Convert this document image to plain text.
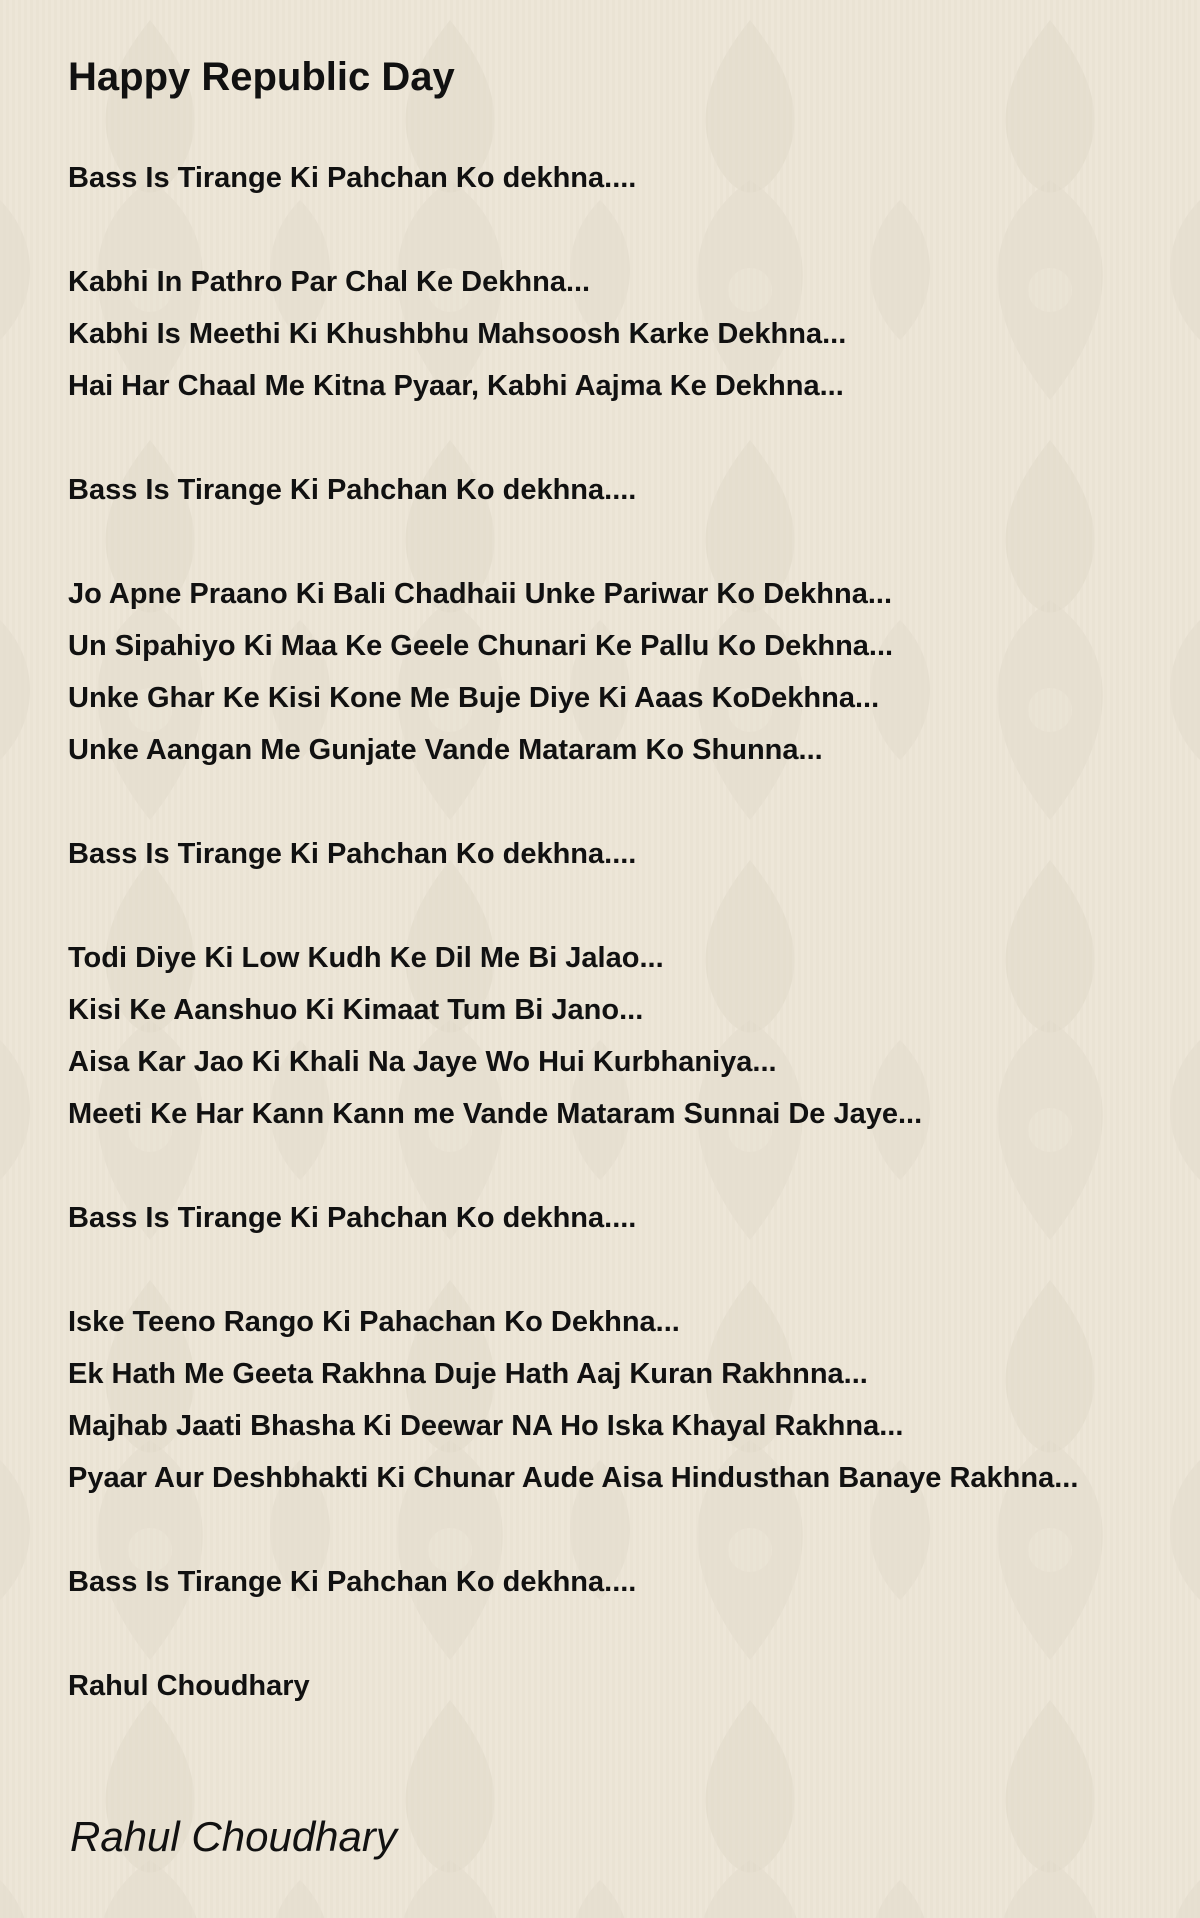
Happy Republic Day
Bass Is Tirange Ki Pahchan Ko dekhna....
Kabhi In Pathro Par Chal Ke Dekhna...
Kabhi Is Meethi Ki Khushbhu Mahsoosh Karke Dekhna...
Hai Har Chaal Me Kitna Pyaar, Kabhi Aajma Ke Dekhna...
Bass Is Tirange Ki Pahchan Ko dekhna....
Jo Apne Praano Ki Bali Chadhaii Unke Pariwar Ko Dekhna...
Un Sipahiyo Ki Maa Ke Geele Chunari Ke Pallu Ko Dekhna...
Unke Ghar Ke Kisi Kone Me Buje Diye Ki Aaas KoDekhna...
Unke Aangan Me Gunjate Vande Mataram Ko Shunna...
Bass Is Tirange Ki Pahchan Ko dekhna....
Todi Diye Ki Low Kudh Ke Dil Me Bi Jalao...
Kisi Ke Aanshuo Ki Kimaat Tum Bi Jano...
Aisa Kar Jao Ki Khali Na Jaye Wo Hui Kurbhaniya...
Meeti Ke Har Kann Kann me Vande Mataram Sunnai De Jaye...
Bass Is Tirange Ki Pahchan Ko dekhna....
Iske Teeno Rango Ki Pahachan Ko Dekhna...
Ek Hath Me Geeta Rakhna Duje Hath Aaj Kuran Rakhnna...
Majhab Jaati Bhasha Ki Deewar NA Ho Iska Khayal Rakhna...
Pyaar Aur Deshbhakti Ki Chunar Aude Aisa Hindusthan Banaye Rakhna...
Bass Is Tirange Ki Pahchan Ko dekhna....
Rahul Choudhary
Rahul Choudhary
